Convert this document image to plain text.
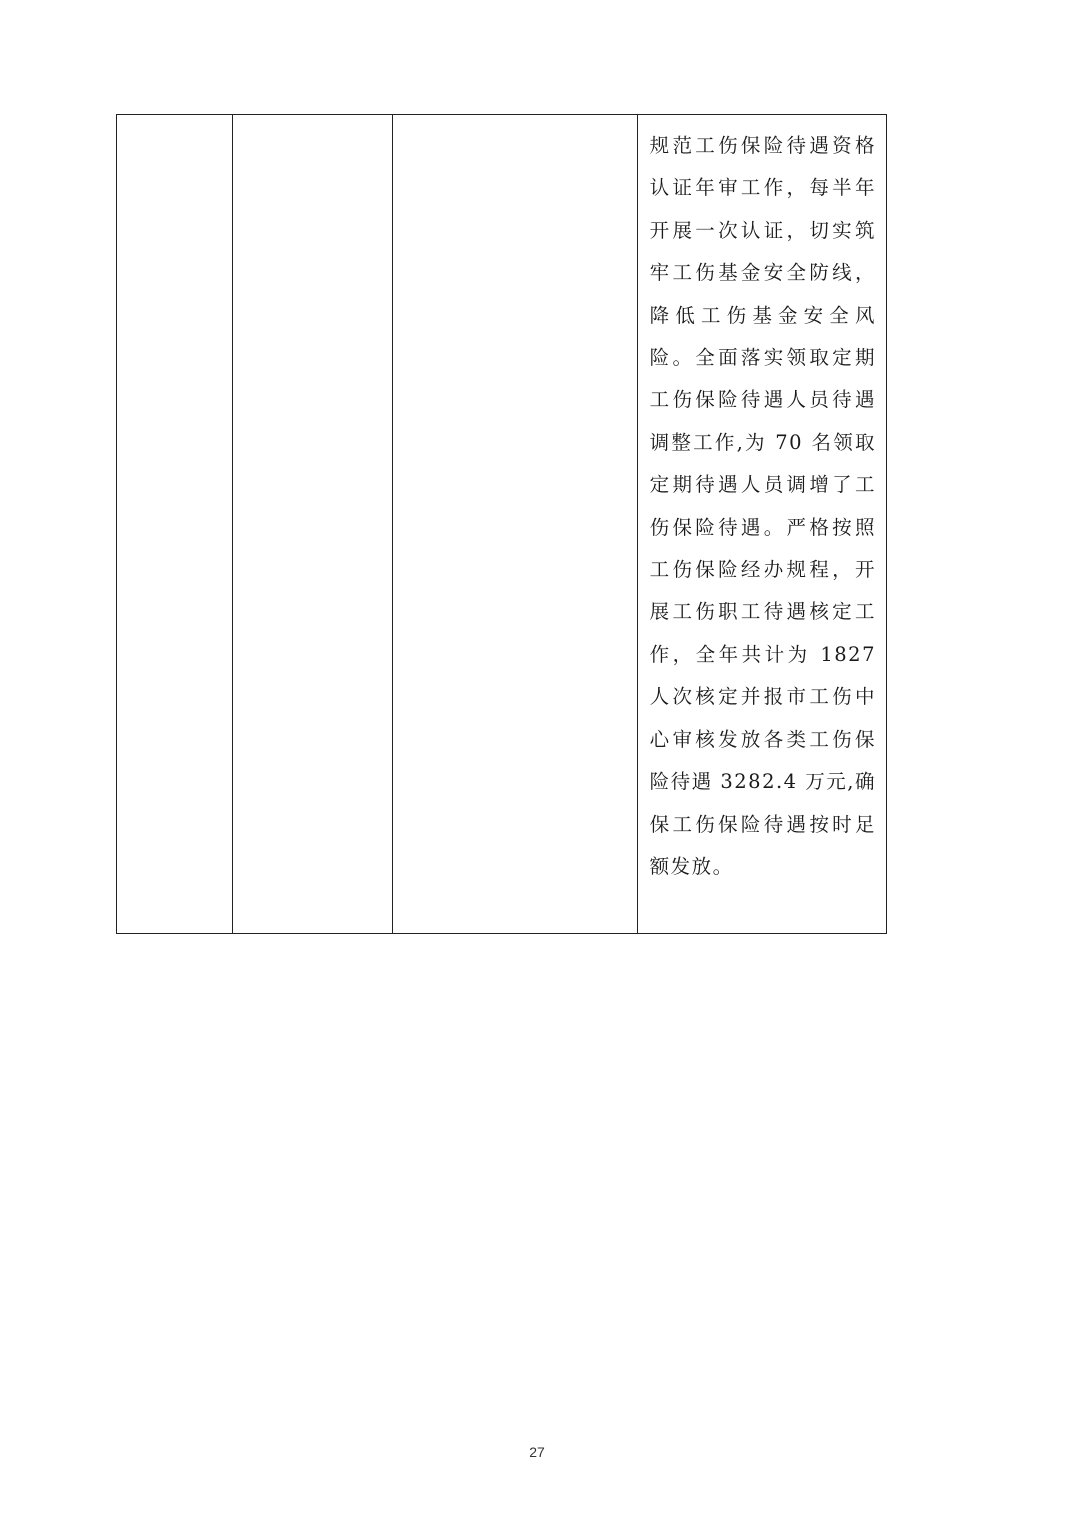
规范工伤保险待遇资格
认证年审工作，每半年
开展一次认证，切实筑
牢工伤基金安全防线，
降低工伤基金安全风
险。全面落实领取定期
工伤保险待遇人员待遇
调整工作,为 70 名领取
定期待遇人员调增了工
伤保险待遇。严格按照
工伤保险经办规程，开
展工伤职工待遇核定工
作，全年共计为 1827
人次核定并报市工伤中
心审核发放各类工伤保
险待遇 3282.4 万元,确
保工伤保险待遇按时足
额发放。
27
